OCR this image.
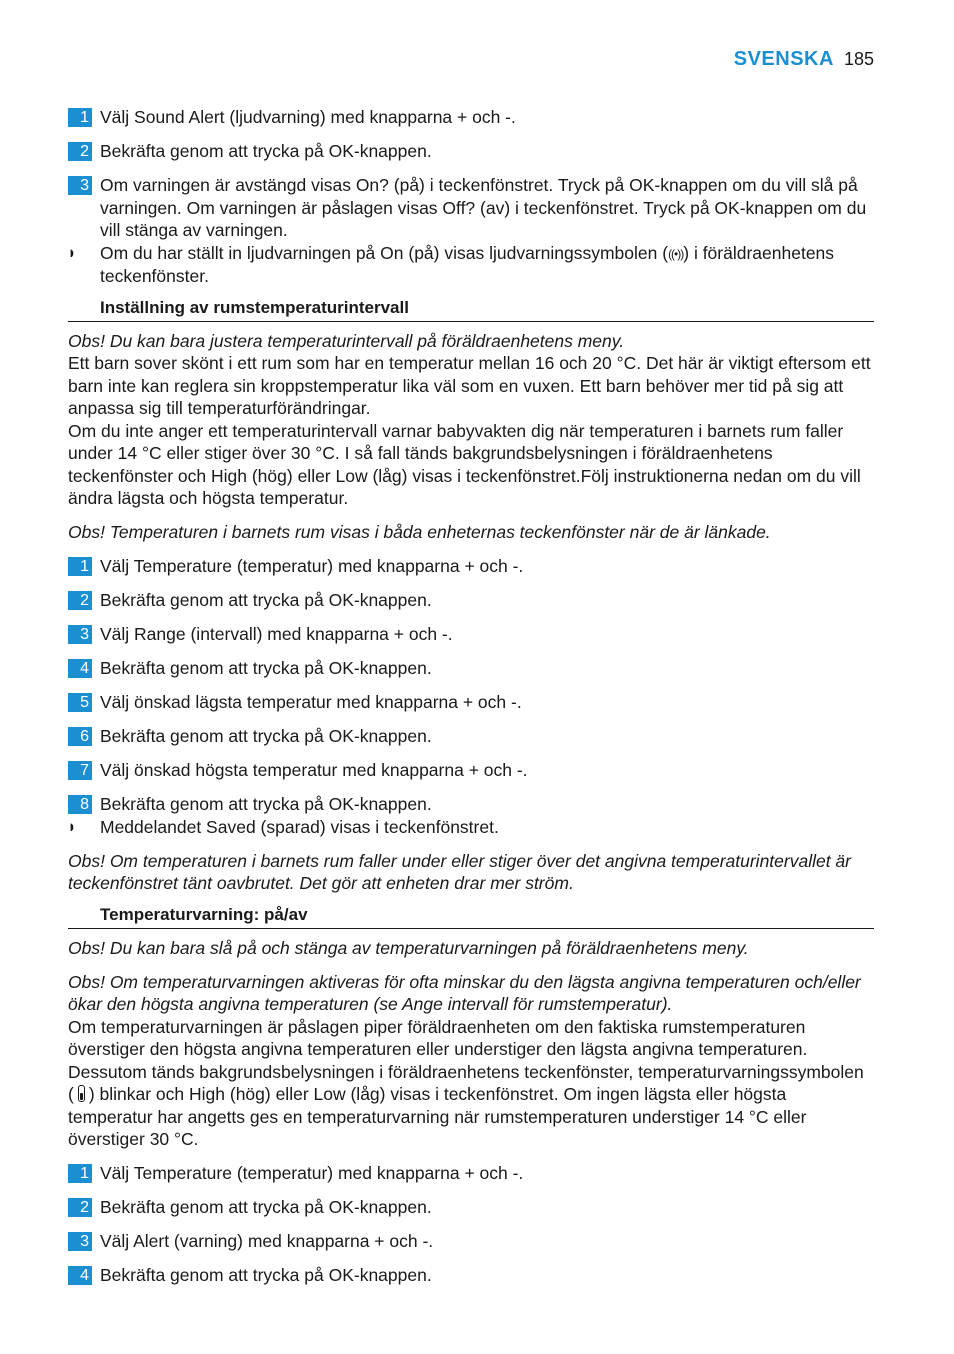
SVENSKA 185
1 Välj Sound Alert (ljudvarning) med knapparna + och -.
2 Bekräfta genom att trycka på OK-knappen.
3 Om varningen är avstängd visas On? (på) i teckenfönstret. Tryck på OK-knappen om du vill slå på varningen. Om varningen är påslagen visas Off? (av) i teckenfönstret. Tryck på OK-knappen om du vill stänga av varningen.
◗ Om du har ställt in ljudvarningen på On (på) visas ljudvarningssymbolen (((•))) i föräldraenhetens teckenfönster.
Inställning av rumstemperaturintervall
Obs! Du kan bara justera temperaturintervall på föräldraenhetens meny.
Ett barn sover skönt i ett rum som har en temperatur mellan 16 och 20 °C. Det här är viktigt eftersom ett barn inte kan reglera sin kroppstemperatur lika väl som en vuxen. Ett barn behöver mer tid på sig att anpassa sig till temperaturförändringar.
Om du inte anger ett temperaturintervall varnar babyvakten dig när temperaturen i barnets rum faller under 14 °C eller stiger över 30 °C. I så fall tänds bakgrundsbelysningen i föräldraenhetens teckenfönster och High (hög) eller Low (låg) visas i teckenfönstret.Följ instruktionerna nedan om du vill ändra lägsta och högsta temperatur.
Obs! Temperaturen i barnets rum visas i båda enheternas teckenfönster när de är länkade.
1 Välj Temperature (temperatur) med knapparna + och -.
2 Bekräfta genom att trycka på OK-knappen.
3 Välj Range (intervall) med knapparna + och -.
4 Bekräfta genom att trycka på OK-knappen.
5 Välj önskad lägsta temperatur med knapparna + och -.
6 Bekräfta genom att trycka på OK-knappen.
7 Välj önskad högsta temperatur med knapparna + och -.
8 Bekräfta genom att trycka på OK-knappen.
◗ Meddelandet Saved (sparad) visas i teckenfönstret.
Obs! Om temperaturen i barnets rum faller under eller stiger över det angivna temperaturintervallet är teckenfönstret tänt oavbrutet. Det gör att enheten drar mer ström.
Temperaturvarning: på/av
Obs! Du kan bara slå på och stänga av temperaturvarningen på föräldraenhetens meny.
Obs! Om temperaturvarningen aktiveras för ofta minskar du den lägsta angivna temperaturen och/eller ökar den högsta angivna temperaturen (se Ange intervall för rumstemperatur).
Om temperaturvarningen är påslagen piper föräldraenheten om den faktiska rumstemperaturen överstiger den högsta angivna temperaturen eller understiger den lägsta angivna temperaturen. Dessutom tänds bakgrundsbelysningen i föräldraenhetens teckenfönster, temperaturvarningssymbolen ( ) blinkar och High (hög) eller Low (låg) visas i teckenfönstret. Om ingen lägsta eller högsta temperatur har angetts ges en temperaturvarning när rumstemperaturen understiger 14 °C eller överstiger 30 °C.
1 Välj Temperature (temperatur) med knapparna + och -.
2 Bekräfta genom att trycka på OK-knappen.
3 Välj Alert (varning) med knapparna + och -.
4 Bekräfta genom att trycka på OK-knappen.
